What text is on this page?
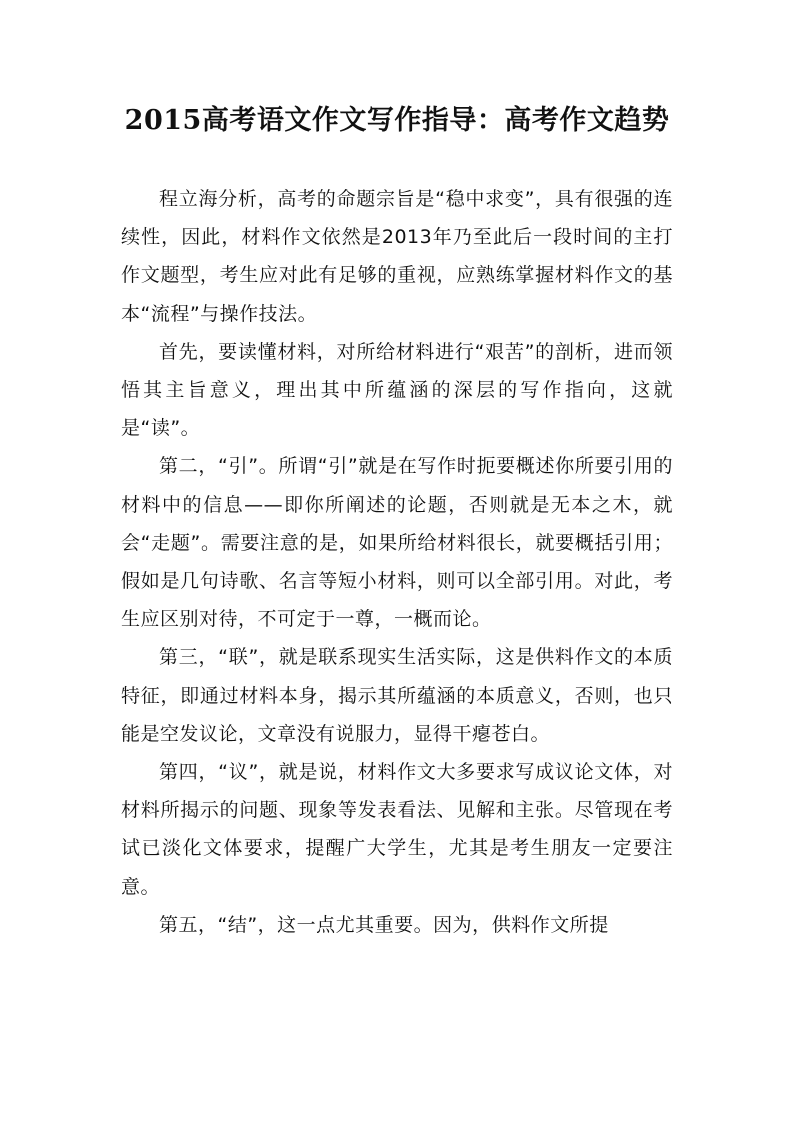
2015高考语文作文写作指导：高考作文趋势

程立海分析，高考的命题宗旨是“稳中求变”，具有很强的连续性，因此，材料作文依然是2013年乃至此后一段时间的主打作文题型，考生应对此有足够的重视，应熟练掌握材料作文的基本“流程”与操作技法。

首先，要读懂材料，对所给材料进行“艰苦”的剖析，进而领悟其主旨意义，理出其中所蕴涵的深层的写作指向，这就是“读”。

第二，“引”。所谓“引”就是在写作时扼要概述你所要引用的材料中的信息——即你所阐述的论题，否则就是无本之木，就会“走题”。需要注意的是，如果所给材料很长，就要概括引用；假如是几句诗歌、名言等短小材料，则可以全部引用。对此，考生应区别对待，不可定于一尊，一概而论。

第三，“联”，就是联系现实生活实际，这是供料作文的本质特征，即通过材料本身，揭示其所蕴涵的本质意义，否则，也只能是空发议论，文章没有说服力，显得干瘪苍白。

第四，“议”，就是说，材料作文大多要求写成议论文体，对材料所揭示的问题、现象等发表看法、见解和主张。尽管现在考试已淡化文体要求，提醒广大学生，尤其是考生朋友一定要注意。

第五，“结”，这一点尤其重要。因为，供料作文所提
